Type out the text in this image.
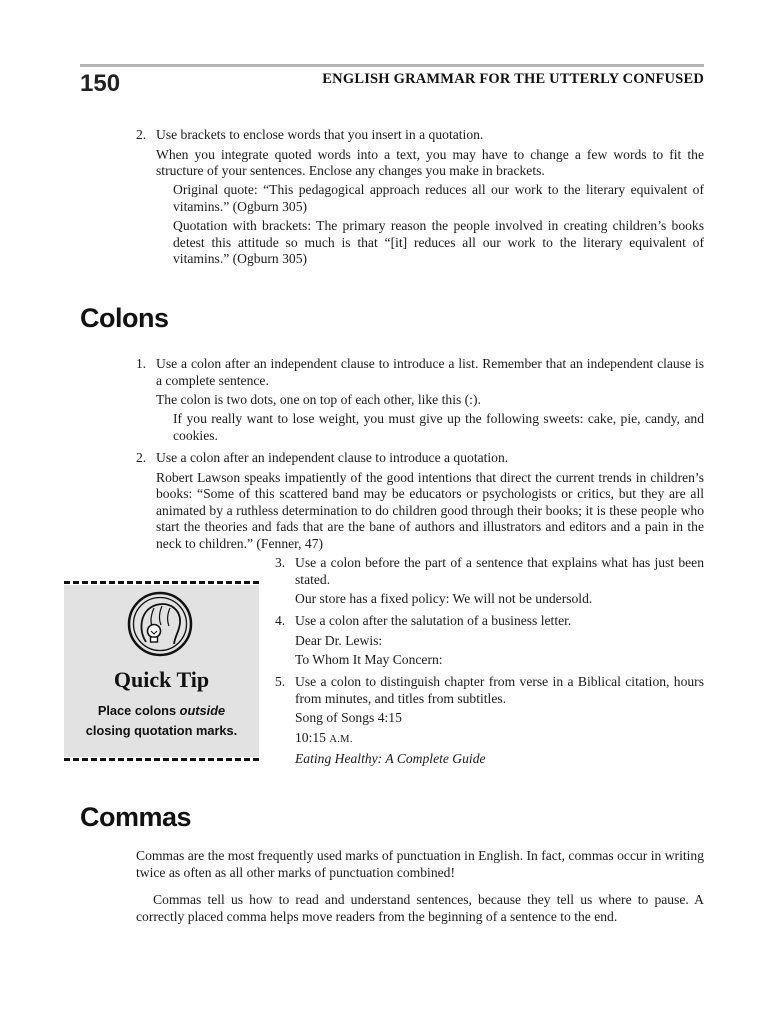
150	ENGLISH GRAMMAR FOR THE UTTERLY CONFUSED
2. Use brackets to enclose words that you insert in a quotation.

When you integrate quoted words into a text, you may have to change a few words to fit the structure of your sentences. Enclose any changes you make in brackets.

Original quote: “This pedagogical approach reduces all our work to the literary equivalent of vitamins.” (Ogburn 305)
Quotation with brackets: The primary reason the people involved in creating children’s books detest this attitude so much is that “[it] reduces all our work to the literary equivalent of vitamins.” (Ogburn 305)
Colons
1. Use a colon after an independent clause to introduce a list. Remember that an independent clause is a complete sentence.

The colon is two dots, one on top of each other, like this (:).

If you really want to lose weight, you must give up the following sweets: cake, pie, candy, and cookies.
2. Use a colon after an independent clause to introduce a quotation.

Robert Lawson speaks impatiently of the good intentions that direct the current trends in children’s books: “Some of this scattered band may be educators or psychologists or critics, but they are all animated by a ruthless determination to do children good through their books; it is these people who start the theories and fads that are the bane of authors and illustrators and editors and a pain in the neck to children.” (Fenner, 47)

3. Use a colon before the part of a sentence that explains what has just been stated.

Our store has a fixed policy: We will not be undersold.

4. Use a colon after the salutation of a business letter.

Dear Dr. Lewis:

To Whom It May Concern:

5. Use a colon to distinguish chapter from verse in a Biblical citation, hours from minutes, and titles from subtitles.

Song of Songs 4:15

10:15 A.M.

Eating Healthy: A Complete Guide

Quick Tip
Place colons outside
closing quotation marks.
Commas
Commas are the most frequently used marks of punctuation in English. In fact, commas occur in writing twice as often as all other marks of punctuation combined!
Commas tell us how to read and understand sentences, because they tell us where to pause. A correctly placed comma helps move readers from the beginning of a sentence to the end.
